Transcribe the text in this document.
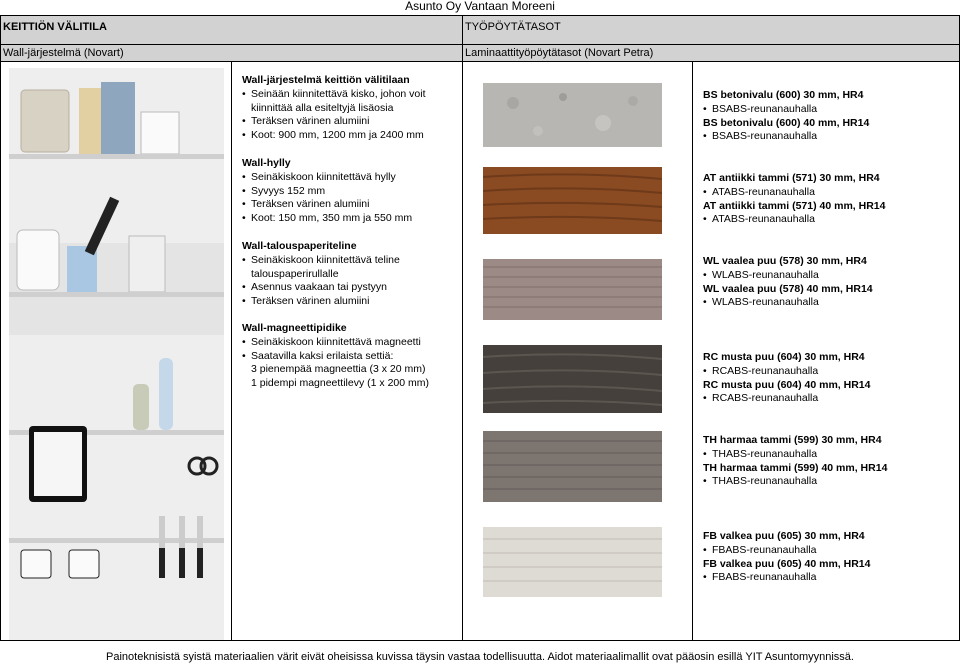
Asunto Oy Vantaan Moreeni
KEITTIÖN VÄLITILA	TYÖPÖYTÄTASOT
Wall-järjestelmä (Novart)	Laminaattityöpöytätasot (Novart Petra)
Wall-järjestelmä keittiön välitilaan
• Seinään kiinnitettävä kisko, johon voit
kiinnittää alla esiteltyjä lisäosia
• Teräksen värinen alumiini
• Koot: 900 mm, 1200 mm ja 2400 mm
Wall-hylly
• Seinäkiskoon kiinnitettävä hylly
• Syvyys 152 mm
• Teräksen värinen alumiini
• Koot: 150 mm, 350 mm ja 550 mm
Wall-talouspaperiteline
• Seinäkiskoon kiinnitettävä teline
talouspaperirullalle
• Asennus vaakaan tai pystyyn
• Teräksen värinen alumiini
Wall-magneettipidike
• Seinäkiskoon kiinnitettävä magneetti
• Saatavilla kaksi erilaista settiä:
3 pienempää magneettia (3 x 20 mm)
1 pidempi magneettilevy (1 x 200 mm)
BS betonivalu (600) 30 mm, HR4
• BSABS-reunanauhalla
BS betonivalu (600) 40 mm, HR14
• BSABS-reunanauhalla
AT antiikki tammi (571) 30 mm, HR4
• ATABS-reunanauhalla
AT antiikki tammi (571) 40 mm, HR14
• ATABS-reunanauhalla
WL vaalea puu (578) 30 mm, HR4
• WLABS-reunanauhalla
WL vaalea puu (578) 40 mm, HR14
• WLABS-reunanauhalla
RC musta puu (604) 30 mm, HR4
• RCABS-reunanauhalla
RC musta puu (604) 40 mm, HR14
• RCABS-reunanauhalla
TH harmaa tammi (599) 30 mm, HR4
• THABS-reunanauhalla
TH harmaa tammi (599) 40 mm, HR14
• THABS-reunanauhalla
FB valkea puu (605) 30 mm, HR4
• FBABS-reunanauhalla
FB valkea puu (605) 40 mm, HR14
• FBABS-reunanauhalla
Painoteknisistä syistä materiaalien värit eivät oheisissa kuvissa täysin vastaa todellisuutta. Aidot materiaalimallit ovat pääosin esillä YIT Asuntomyynnissä.
